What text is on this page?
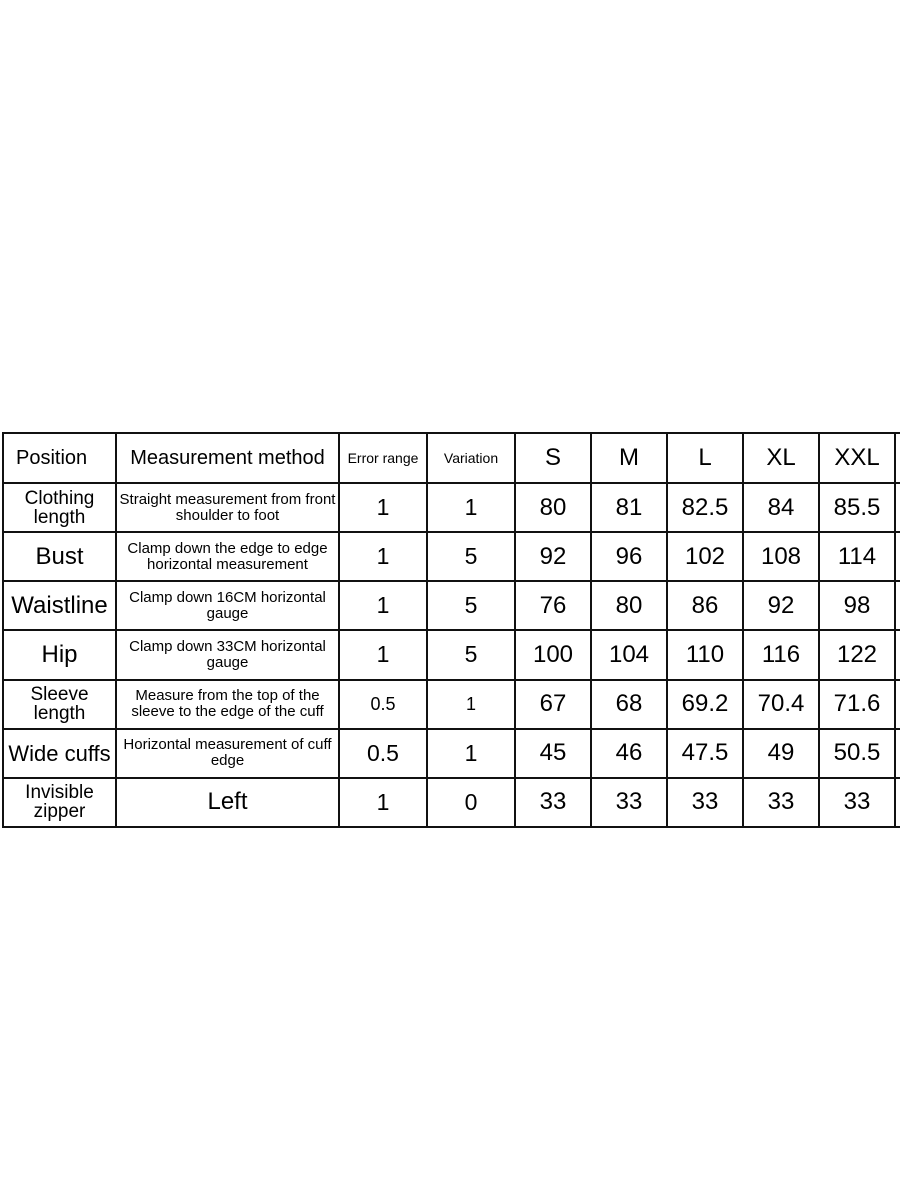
Position	Measurement method	Error range	Variation	S	M	L	XL	XXL	
Clothing length	Straight measurement from front shoulder to foot	1	1	80	81	82.5	84	85.5	
Bust	Clamp down the edge to edge horizontal measurement	1	5	92	96	102	108	114	
Waistline	Clamp down 16CM horizontal gauge	1	5	76	80	86	92	98	
Hip	Clamp down 33CM horizontal gauge	1	5	100	104	110	116	122	
Sleeve length	Measure from the top of the sleeve to the edge of the cuff	0.5	1	67	68	69.2	70.4	71.6	
Wide cuffs	Horizontal measurement of cuff edge	0.5	1	45	46	47.5	49	50.5	
Invisible zipper	Left	1	0	33	33	33	33	33	
